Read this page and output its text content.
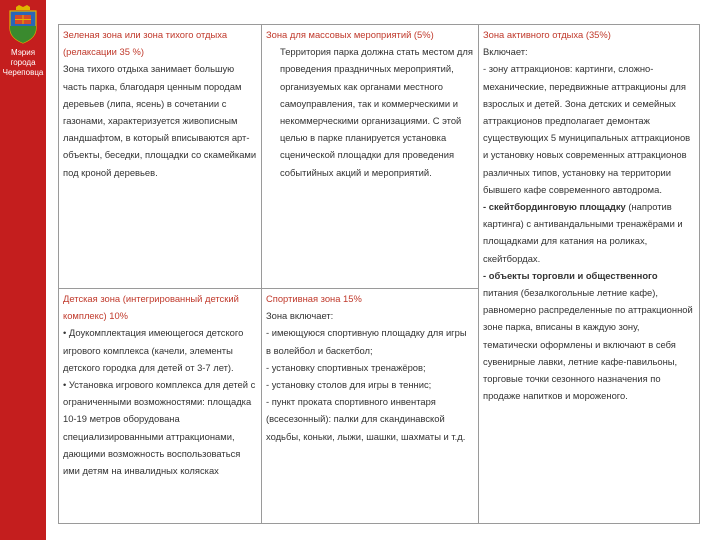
Мэрия
города
Череповца

Зеленая зона или зона тихого отдыха (релаксации 35 %)

Зона тихого отдыха занимает большую часть парка, благодаря ценным породам деревьев (липа, ясень) в сочетании с газонами, характеризуется живописным ландшафтом, в который вписываются арт-объекты, беседки, площадки со скамейками под кроной деревьев.

Зона для массовых мероприятий (5%)

Территория парка должна стать местом для проведения праздничных мероприятий, организуемых как органами местного самоуправления, так и коммерческими и некоммерческими организациями. С этой целью в парке планируется установка сценической площадки для проведения событийных акций и мероприятий.

Зона активного отдыха (35%)

Включает:

- зону аттракционов: картинги, сложно-механические, передвижные аттракционы для взрослых и детей. Зона детских и семейных аттракционов предполагает демонтаж существующих 5 муниципальных аттракционов и установку новых современных аттракционов различных типов, установку на территории бывшего кафе современного автодрома.

- скейтбординговую площадку (напротив картинга) с антивандальными тренажёрами и площадками для катания на роликах, скейтбордах.

- объекты торговли и общественного питания (безалкогольные летние кафе), равномерно распределенные по аттракционной зоне парка, вписаны в каждую зону, тематически оформлены и включают в себя сувенирные лавки, летние кафе-павильоны, торговые точки сезонного назначения по продаже напитков и мороженого.

Детская зона (интегрированный детский комплекс) 10%

• Доукомплектация имеющегося детского игрового комплекса (качели, элементы детского городка для детей от 3-7 лет).

• Установка игрового комплекса для детей с ограниченными возможностями: площадка 10-19 метров оборудована специализированными аттракционами, дающими возможность воспользоваться ими детям на инвалидных колясках

Спортивная зона 15%

Зона включает:

- имеющуюся спортивную площадку для игры в волейбол и баскетбол;

- установку спортивных тренажёров;

- установку столов для игры в теннис;

- пункт проката спортивного инвентаря (всесезонный): палки для скандинавской ходьбы, коньки, лыжи, шашки, шахматы и т.д.
